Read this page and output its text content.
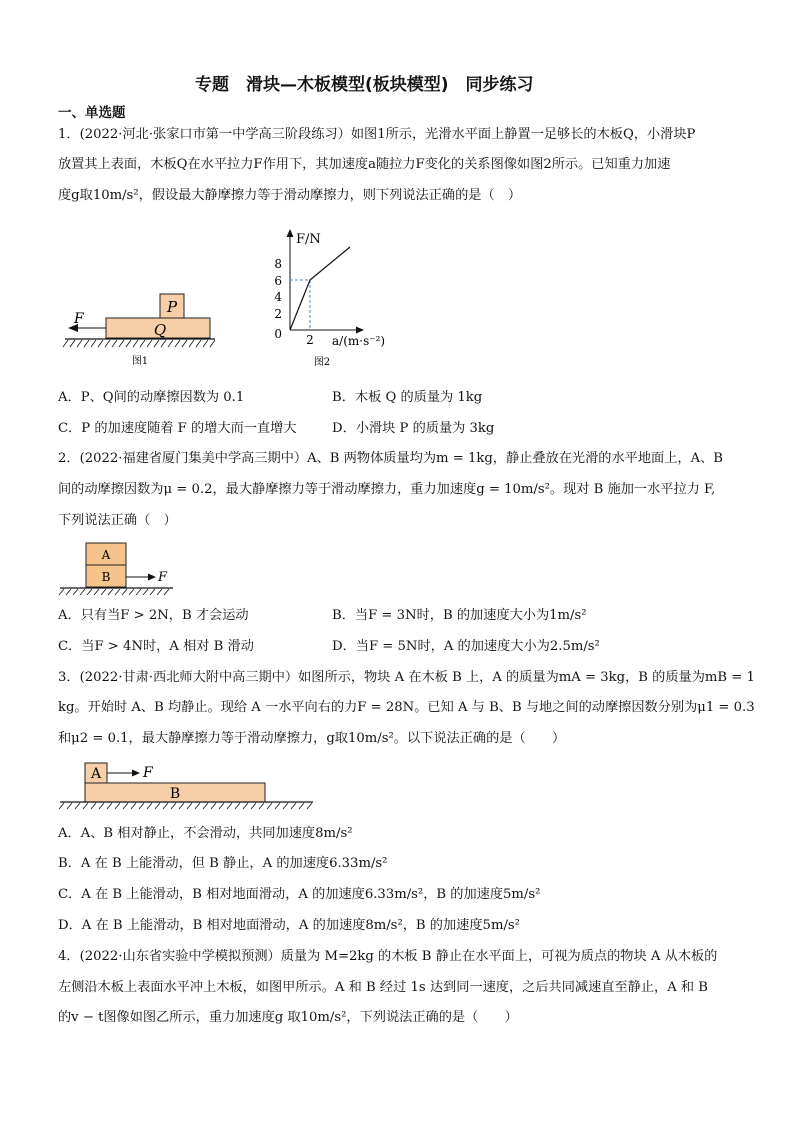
专题　滑块—木板模型(板块模型)　同步练习
一、单选题
1．(2022·河北·张家口市第一中学高三阶段练习）如图1所示，光滑水平面上静置一足够长的木板Q，小滑块P
放置其上表面，木板Q在水平拉力F作用下，其加速度a随拉力F变化的关系图像如图2所示。已知重力加速
度g取10m/s²，假设最大静摩擦力等于滑动摩擦力，则下列说法正确的是（　）
P
Q
F
图1
F/N
a/(m·s⁻²)
8
6
4
2
0 2
图2
A．P、Q间的动摩擦因数为 0.1	B．木板 Q 的质量为 1kg
C．P 的加速度随着 F 的增大而一直增大	D．小滑块 P 的质量为 3kg
2．(2022·福建省厦门集美中学高三期中）A、B 两物体质量均为m = 1kg，静止叠放在光滑的水平地面上，A、B
间的动摩擦因数为μ = 0.2，最大静摩擦力等于滑动摩擦力，重力加速度g = 10m/s²。现对 B 施加一水平拉力 F,
下列说法正确（　）
A
B	F
A．只有当F > 2N，B 才会运动	B．当F = 3N时，B 的加速度大小为1m/s²
C．当F > 4N时，A 相对 B 滑动	D．当F = 5N时，A 的加速度大小为2.5m/s²
3．(2022·甘肃·西北师大附中高三期中）如图所示，物块 A 在木板 B 上，A 的质量为mA = 3kg，B 的质量为mB = 1
kg。开始时 A、B 均静止。现给 A 一水平向右的力F = 28N。已知 A 与 B、B 与地之间的动摩擦因数分别为μ1 = 0.3
和μ2 = 0.1，最大静摩擦力等于滑动摩擦力，g取10m/s²。以下说法正确的是（　　）
A	F
B
A．A、B 相对静止，不会滑动，共同加速度8m/s²
B．A 在 B 上能滑动，但 B 静止，A 的加速度6.33m/s²
C．A 在 B 上能滑动，B 相对地面滑动，A 的加速度6.33m/s²，B 的加速度5m/s²
D．A 在 B 上能滑动，B 相对地面滑动，A 的加速度8m/s²，B 的加速度5m/s²
4．(2022·山东省实验中学模拟预测）质量为 M=2kg 的木板 B 静止在水平面上，可视为质点的物块 A 从木板的
左侧沿木板上表面水平冲上木板，如图甲所示。A 和 B 经过 1s 达到同一速度，之后共同减速直至静止，A 和 B
的v − t图像如图乙所示，重力加速度g 取10m/s²，下列说法正确的是（　　）
